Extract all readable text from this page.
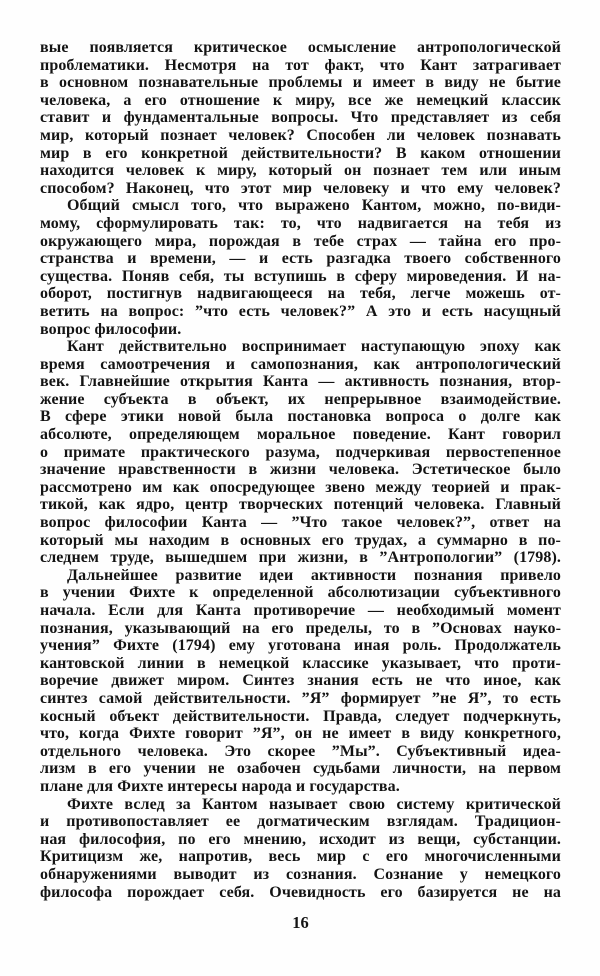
вые появляется критическое осмысление антропологической
проблематики. Несмотря на тот факт, что Кант затрагивает
в основном познавательные проблемы и имеет в виду не бытие
человека, а его отношение к миру, все же немецкий классик
ставит и фундаментальные вопросы. Что представляет из себя
мир, который познает человек? Способен ли человек познавать
мир в его конкретной действительности? В каком отношении
находится человек к миру, который он познает тем или иным
способом? Наконец, что этот мир человеку и что ему человек?
Общий смысл того, что выражено Кантом, можно, по-види-
мому, сформулировать так: то, что надвигается на тебя из
окружающего мира, порождая в тебе страх — тайна его про-
странства и времени, — и есть разгадка твоего собственного
существа. Поняв себя, ты вступишь в сферу мироведения. И на-
оборот, постигнув надвигающееся на тебя, легче можешь от-
ветить на вопрос: ”что есть человек?” А это и есть насущный
вопрос философии.
Кант действительно воспринимает наступающую эпоху как
время самоотречения и самопознания, как антропологический
век. Главнейшие открытия Канта — активность познания, втор-
жение субъекта в объект, их непрерывное взаимодействие.
В сфере этики новой была постановка вопроса о долге как
абсолюте, определяющем моральное поведение. Кант говорил
о примате практического разума, подчеркивая первостепенное
значение нравственности в жизни человека. Эстетическое было
рассмотрено им как опосредующее звено между теорией и прак-
тикой, как ядро, центр творческих потенций человека. Главный
вопрос философии Канта — ”Что такое человек?”, ответ на
который мы находим в основных его трудах, а суммарно в по-
следнем труде, вышедшем при жизни, в ”Антропологии” (1798).
Дальнейшее развитие идеи активности познания привело
в учении Фихте к определенной абсолютизации субъективного
начала. Если для Канта противоречие — необходимый момент
познания, указывающий на его пределы, то в ”Основах науко-
учения” Фихте (1794) ему уготована иная роль. Продолжатель
кантовской линии в немецкой классике указывает, что проти-
воречие движет миром. Синтез знания есть не что иное, как
синтез самой действительности. ”Я” формирует ”не Я”, то есть
косный объект действительности. Правда, следует подчеркнуть,
что, когда Фихте говорит ”Я”, он не имеет в виду конкретного,
отдельного человека. Это скорее ”Мы”. Субъективный идеа-
лизм в его учении не озабочен судьбами личности, на первом
плане для Фихте интересы народа и государства.
Фихте вслед за Кантом называет свою систему критической
и противопоставляет ее догматическим взглядам. Традицион-
ная философия, по его мнению, исходит из вещи, субстанции.
Критицизм же, напротив, весь мир с его многочисленными
обнаружениями выводит из сознания. Сознание у немецкого
философа порождает себя. Очевидность его базируется не на
16
